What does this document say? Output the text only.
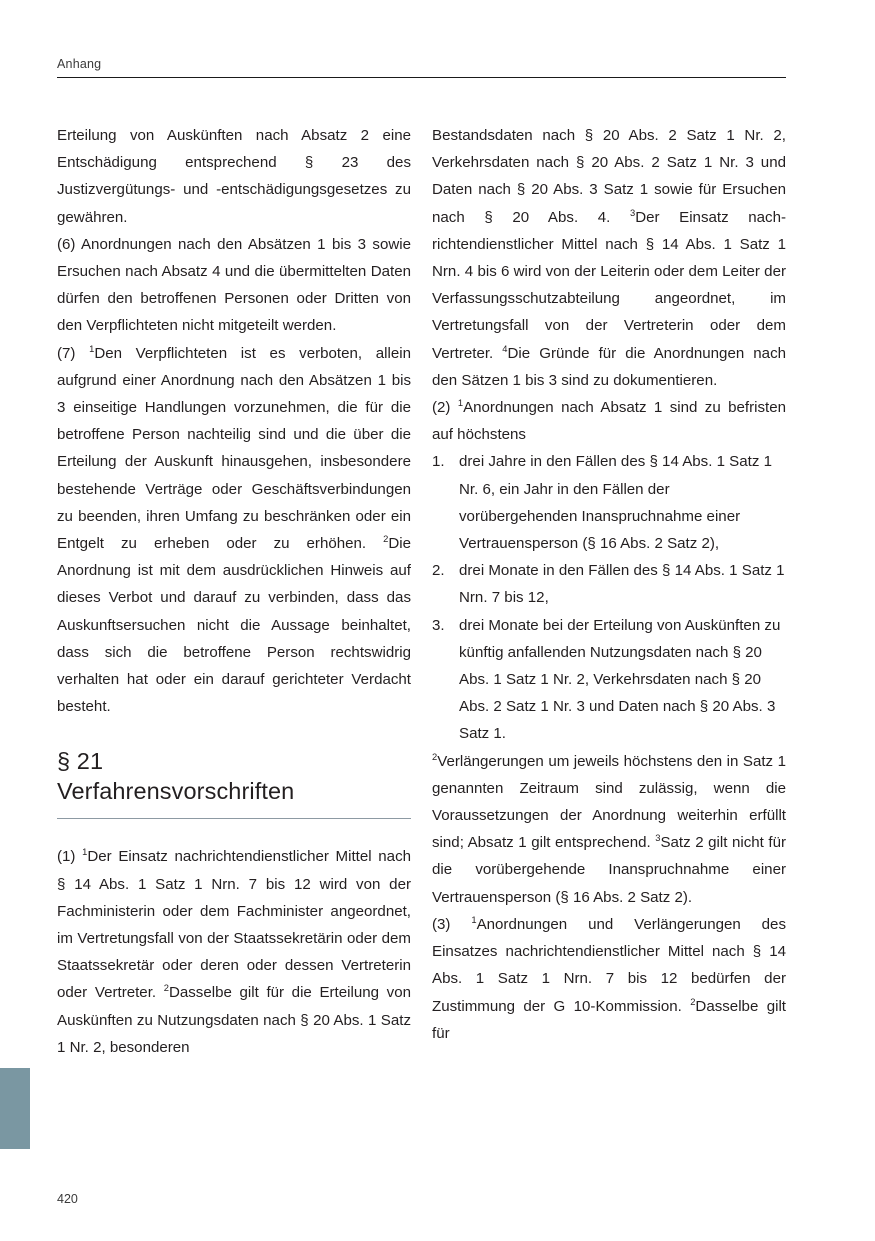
Anhang

Erteilung von Auskünften nach Absatz 2 eine Entschädigung entsprechend § 23 des Justizvergütungs- und -entschädigungsgesetzes zu gewähren.

(6) Anordnungen nach den Absätzen 1 bis 3 sowie Ersuchen nach Absatz 4 und die übermittelten Daten dürfen den betroffenen Personen oder Dritten von den Verpflichteten nicht mitgeteilt werden.

(7) $^1$Den Verpflichteten ist es verboten, allein aufgrund einer Anordnung nach den Absätzen 1 bis 3 einseitige Handlungen vorzunehmen, die für die betroffene Person nachteilig sind und die über die Erteilung der Auskunft hinausgehen, insbesondere bestehende Verträge oder Geschäftsverbindungen zu beenden, ihren Umfang zu beschränken oder ein Entgelt zu erheben oder zu erhöhen. $^2$Die Anordnung ist mit dem ausdrücklichen Hinweis auf dieses Verbot und darauf zu verbinden, dass das Auskunftsersuchen nicht die Aussage beinhaltet, dass sich die betroffene Person rechtswidrig verhalten hat oder ein darauf gerichteter Verdacht besteht.

§ 21
Verfahrensvorschriften

(1) $^1$Der Einsatz nachrichtendienstlicher Mittel nach § 14 Abs. 1 Satz 1 Nrn. 7 bis 12 wird von der Fachministerin oder dem Fachminister angeordnet, im Vertretungsfall von der Staatssekretärin oder dem Staatssekretär oder deren oder dessen Vertreterin oder Vertreter. $^2$Dasselbe gilt für die Erteilung von Auskünften zu Nutzungsdaten nach § 20 Abs. 1 Satz 1 Nr. 2, besonderen

Bestandsdaten nach § 20 Abs. 2 Satz 1 Nr. 2, Verkehrsdaten nach § 20 Abs. 2 Satz 1 Nr. 3 und Daten nach § 20 Abs. 3 Satz 1 sowie für Ersuchen nach § 20 Abs. 4. $^3$Der Einsatz nachrichtendienstlicher Mittel nach § 14 Abs. 1 Satz 1 Nrn. 4 bis 6 wird von der Leiterin oder dem Leiter der Verfassungsschutzabteilung angeordnet, im Vertretungsfall von der Vertreterin oder dem Vertreter. $^4$Die Gründe für die Anordnungen nach den Sätzen 1 bis 3 sind zu dokumentieren.

(2) $^1$Anordnungen nach Absatz 1 sind zu befristen auf höchstens

1. drei Jahre in den Fällen des § 14 Abs. 1 Satz 1 Nr. 6, ein Jahr in den Fällen der vorübergehenden Inanspruchnahme einer Vertrauensperson (§ 16 Abs. 2 Satz 2),
2. drei Monate in den Fällen des § 14 Abs. 1 Satz 1 Nrn. 7 bis 12,
3. drei Monate bei der Erteilung von Auskünften zu künftig anfallenden Nutzungsdaten nach § 20 Abs. 1 Satz 1 Nr. 2, Verkehrsdaten nach § 20 Abs. 2 Satz 1 Nr. 3 und Daten nach § 20 Abs. 3 Satz 1.

$^2$Verlängerungen um jeweils höchstens den in Satz 1 genannten Zeitraum sind zulässig, wenn die Voraussetzungen der Anordnung weiterhin erfüllt sind; Absatz 1 gilt entsprechend. $^3$Satz 2 gilt nicht für die vorübergehende Inanspruchnahme einer Vertrauensperson (§ 16 Abs. 2 Satz 2).

(3) $^1$Anordnungen und Verlängerungen des Einsatzes nachrichtendienstlicher Mittel nach § 14 Abs. 1 Satz 1 Nrn. 7 bis 12 bedürfen der Zustimmung der G 10-Kommission. $^2$Dasselbe gilt für

420
